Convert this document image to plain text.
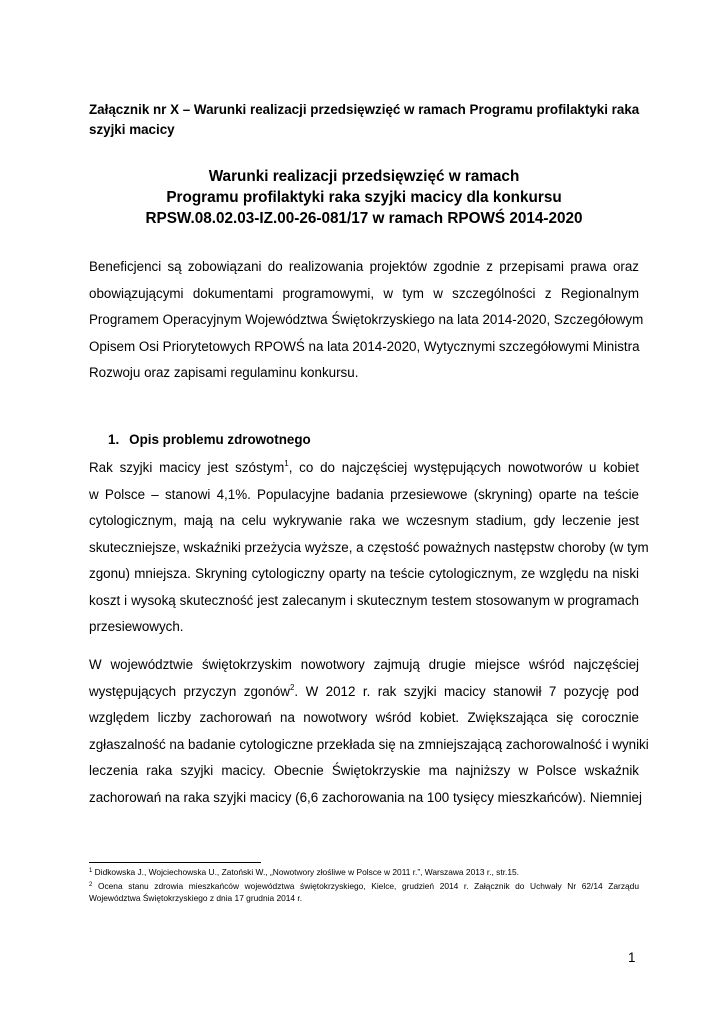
Załącznik nr X – Warunki realizacji przedsięwzięć w ramach Programu profilaktyki raka
szyjki macicy
Warunki realizacji przedsięwzięć w ramach
Programu profilaktyki raka szyjki macicy dla konkursu
RPSW.08.02.03-IZ.00-26-081/17 w ramach RPOWŚ 2014-2020
Beneficjenci są zobowiązani do realizowania projektów zgodnie z przepisami prawa oraz
obowiązującymi dokumentami programowymi, w tym w szczególności z Regionalnym
Programem Operacyjnym Województwa Świętokrzyskiego na lata 2014-2020, Szczegółowym
Opisem Osi Priorytetowych RPOWŚ na lata 2014-2020, Wytycznymi szczegółowymi Ministra
Rozwoju oraz zapisami regulaminu konkursu.
1. Opis problemu zdrowotnego
Rak szyjki macicy jest szóstym$^1$, co do najczęściej występujących nowotworów u kobiet
w Polsce – stanowi 4,1%. Populacyjne badania przesiewowe (skryning) oparte na teście
cytologicznym, mają na celu wykrywanie raka we wczesnym stadium, gdy leczenie jest
skuteczniejsze, wskaźniki przeżycia wyższe, a częstość poważnych następstw choroby (w tym
zgonu) mniejsza. Skryning cytologiczny oparty na teście cytologicznym, ze względu na niski
koszt i wysoką skuteczność jest zalecanym i skutecznym testem stosowanym w programach
przesiewowych.
W województwie świętokrzyskim nowotwory zajmują drugie miejsce wśród najczęściej
występujących przyczyn zgonów$^2$. W 2012 r. rak szyjki macicy stanowił 7 pozycję pod
względem liczby zachorowań na nowotwory wśród kobiet. Zwiększająca się corocznie
zgłaszalność na badanie cytologiczne przekłada się na zmniejszającą zachorowalność i wyniki
leczenia raka szyjki macicy. Obecnie Świętokrzyskie ma najniższy w Polsce wskaźnik
zachorowań na raka szyjki macicy (6,6 zachorowania na 100 tysięcy mieszkańców). Niemniej
$^1$ Didkowska J., Wojciechowska U., Zatoński W., „Nowotwory złośliwe w Polsce w 2011 r.”, Warszawa 2013 r., str.15.
$^2$ Ocena stanu zdrowia mieszkańców województwa świętokrzyskiego, Kielce, grudzień 2014 r. Załącznik do Uchwały Nr 62/14 Zarządu
Województwa Świętokrzyskiego z dnia 17 grudnia 2014 r.
1
